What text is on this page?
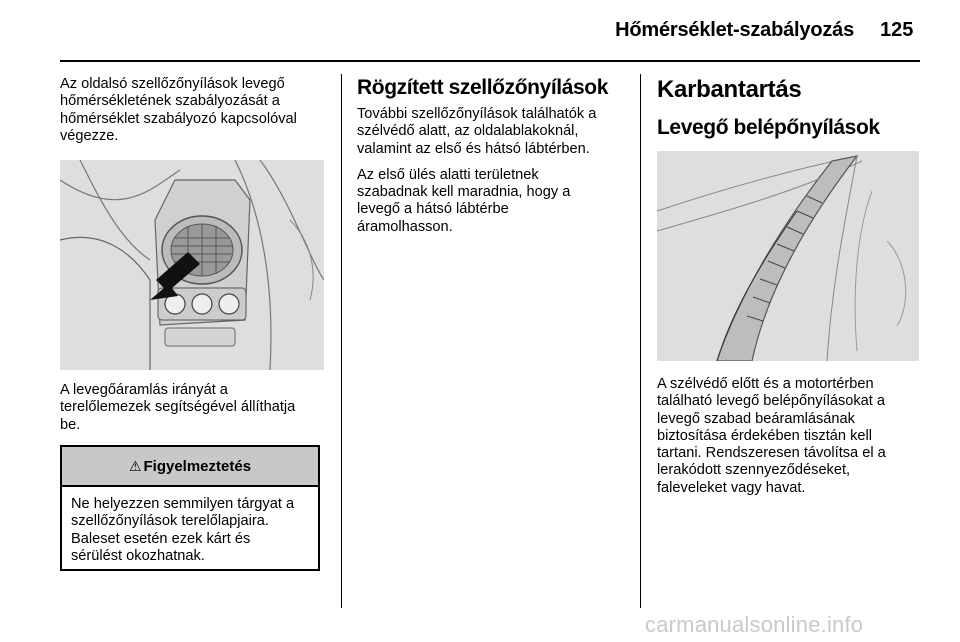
Hőmérséklet-szabályozás 125

Az oldalsó szellőzőnyílások levegő
hőmérsékletének szabályozását a
hőmérséklet szabályozó kapcsolóval
végezze.

A levegőáramlás irányát a
terelőlemezek segítségével állíthatja
be.

⚠ Figyelmeztetés
Ne helyezzen semmilyen tárgyat a
szellőzőnyílások terelőlapjaira.
Baleset esetén ezek kárt és
sérülést okozhatnak.

Rögzített szellőzőnyílások

További szellőzőnyílások találhatók a
szélvédő alatt, az oldalablakoknál,
valamint az első és hátsó lábtérben.

Az első ülés alatti területnek
szabadnak kell maradnia, hogy a
levegő a hátsó lábtérbe
áramolhasson.

Karbantartás

Levegő belépőnyílások

A szélvédő előtt és a motortérben
található levegő belépőnyílásokat a
levegő szabad beáramlásának
biztosítása érdekében tisztán kell
tartani. Rendszeresen távolítsa el a
lerakódott szennyeződéseket,
faleveleket vagy havat.

carmanualsonline.info
